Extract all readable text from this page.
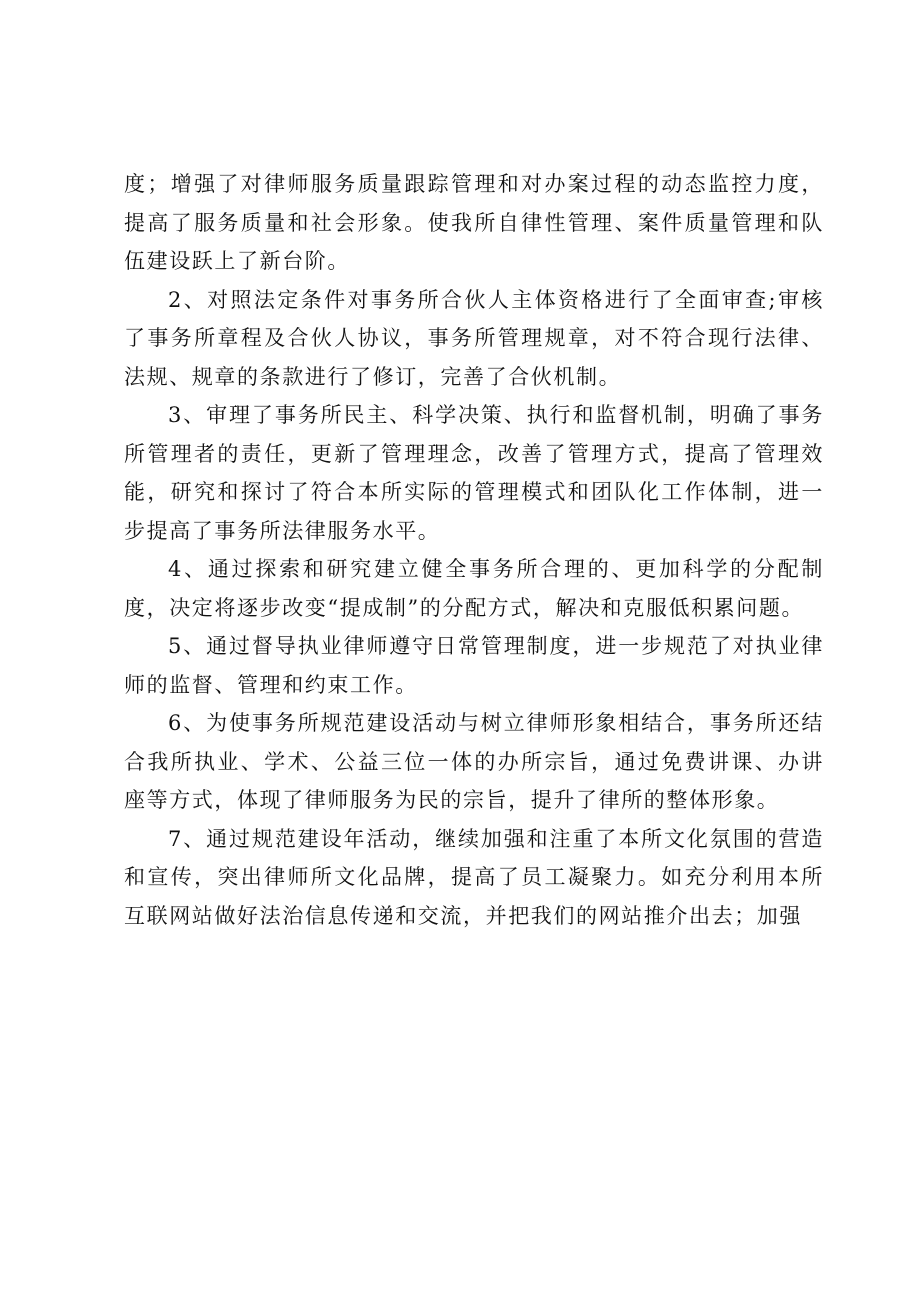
度；增强了对律师服务质量跟踪管理和对办案过程的动态监控力度，提高了服务质量和社会形象。使我所自律性管理、案件质量管理和队伍建设跃上了新台阶。

2、对照法定条件对事务所合伙人主体资格进行了全面审查;审核了事务所章程及合伙人协议，事务所管理规章，对不符合现行法律、法规、规章的条款进行了修订，完善了合伙机制。

3、审理了事务所民主、科学决策、执行和监督机制，明确了事务所管理者的责任，更新了管理理念，改善了管理方式，提高了管理效能，研究和探讨了符合本所实际的管理模式和团队化工作体制，进一步提高了事务所法律服务水平。

4、通过探索和研究建立健全事务所合理的、更加科学的分配制度，决定将逐步改变“提成制”的分配方式，解决和克服低积累问题。

5、通过督导执业律师遵守日常管理制度，进一步规范了对执业律师的监督、管理和约束工作。

6、为使事务所规范建设活动与树立律师形象相结合，事务所还结合我所执业、学术、公益三位一体的办所宗旨，通过免费讲课、办讲座等方式，体现了律师服务为民的宗旨，提升了律所的整体形象。

7、通过规范建设年活动，继续加强和注重了本所文化氛围的营造和宣传，突出律师所文化品牌，提高了员工凝聚力。如充分利用本所互联网站做好法治信息传递和交流，并把我们的网站推介出去；加强
